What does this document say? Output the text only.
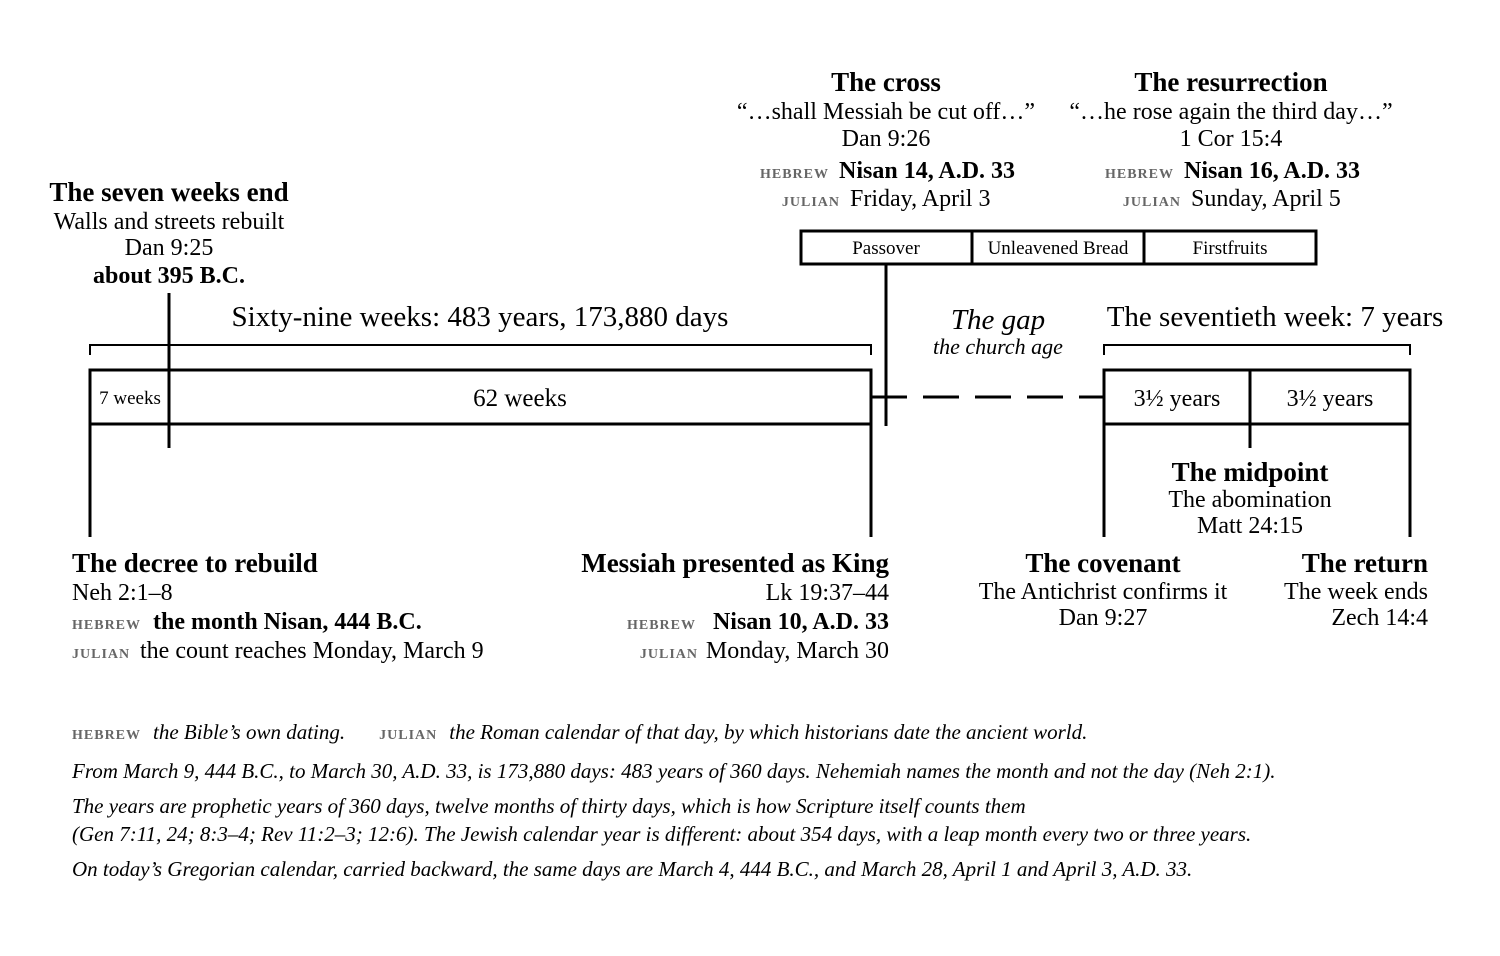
The seven weeks end
Walls and streets rebuilt
Dan 9:25
about 395 B.C.
The cross
“…shall Messiah be cut off…”
Dan 9:26
HEBREW Nisan 14, A.D. 33
JULIAN Friday, April 3
The resurrection
“…he rose again the third day…”
1 Cor 15:4
HEBREW Nisan 16, A.D. 33
JULIAN Sunday, April 5
Passover	Unleavened Bread	Firstfruits
Sixty-nine weeks: 483 years, 173,880 days
7 weeks	62 weeks
The gap
the church age
The seventieth week: 7 years
3½ years	3½ years
The midpoint
The abomination
Matt 24:15
The decree to rebuild
Neh 2:1–8
HEBREW the month Nisan, 444 B.C.
JULIAN the count reaches Monday, March 9
Messiah presented as King
Lk 19:37–44
HEBREW Nisan 10, A.D. 33
JULIAN Monday, March 30
The covenant
The Antichrist confirms it
Dan 9:27
The return
The week ends
Zech 14:4

HEBREW the Bible’s own dating. JULIAN the Roman calendar of that day, by which historians date the ancient world.

From March 9, 444 B.C., to March 30, A.D. 33, is 173,880 days: 483 years of 360 days. Nehemiah names the month and not the day (Neh 2:1).

The years are prophetic years of 360 days, twelve months of thirty days, which is how Scripture itself counts them
(Gen 7:11, 24; 8:3–4; Rev 11:2–3; 12:6). The Jewish calendar year is different: about 354 days, with a leap month every two or three years.

On today’s Gregorian calendar, carried backward, the same days are March 4, 444 B.C., and March 28, April 1 and April 3, A.D. 33.
